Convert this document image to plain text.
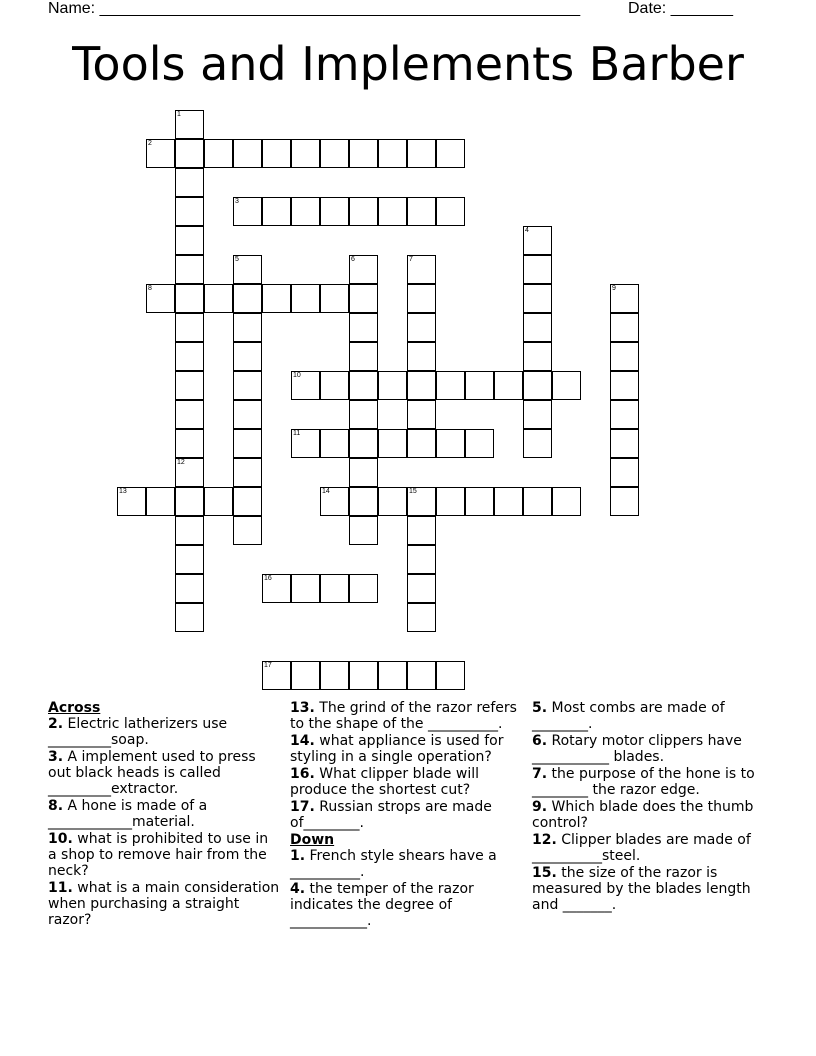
Name: ______________________________________________________	Date: _______
Tools and Implements Barber
1
12
2
3
4
5	6	7
8	9
10
11
13	14	15
16
17
Across
2. Electric latherizers use _________soap.
3. A implement used to press out black heads is called _________extractor.
8. A hone is made of a ____________material.
10. what is prohibited to use in a shop to remove hair from the neck?
11. what is a main consideration when purchasing a straight razor?
13. The grind of the razor refers to the shape of the __________.
14. what appliance is used for styling in a single operation?
16. What clipper blade will produce the shortest cut?
17. Russian strops are made of________.
Down
1. French style shears have a __________.
4. the temper of the razor indicates the degree of ___________.
5. Most combs are made of ________.
6. Rotary motor clippers have ___________ blades.
7. the purpose of the hone is to ________ the razor edge.
9. Which blade does the thumb control?
12. Clipper blades are made of __________steel.
15. the size of the razor is measured by the blades length and _______.
